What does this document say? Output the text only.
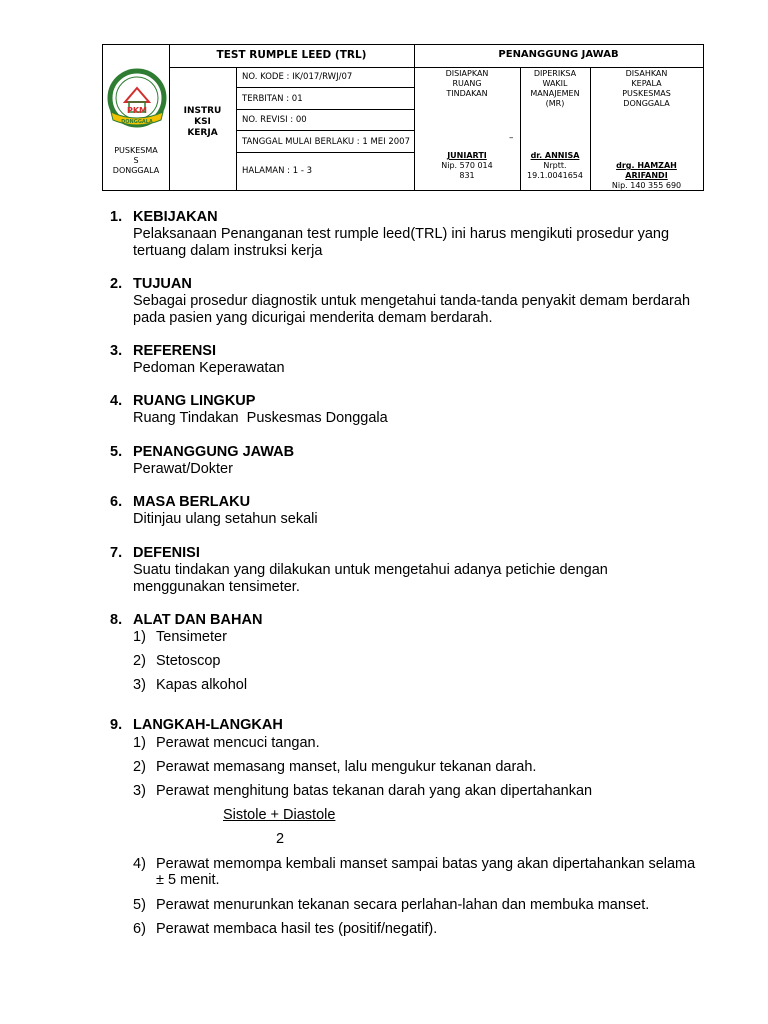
PKM
DONGGALA
PUSKESMA
S
DONGGALA
TEST RUMPLE LEED (TRL)	PENANGGUNG JAWAB
INSTRU
KSI
KERJA
NO. KODE : IK/017/RWJ/07
TERBITAN : 01
NO. REVISI : 00
TANGGAL MULAI BERLAKU : 1 MEI 2007
HALAMAN : 1 - 3
DISIAPKAN
RUANG
TINDAKAN
JUNIARTI
Nip. 570 014
831
DIPERIKSA
WAKIL
MANAJEMEN (MR)
–
dr. ANNISA
Nrptt.
19.1.0041654
DISAHKAN
KEPALA
PUSKESMAS
DONGGALA
drg. HAMZAH
ARIFANDI
Nip. 140 355 690
1. KEBIJAKAN
Pelaksanaan Penanganan test rumple leed(TRL) ini harus mengikuti prosedur yang tertuang dalam instruksi kerja
2. TUJUAN
Sebagai prosedur diagnostik untuk mengetahui tanda-tanda penyakit demam berdarah pada pasien yang dicurigai menderita demam berdarah.
3. REFERENSI
Pedoman Keperawatan
4. RUANG LINGKUP
Ruang Tindakan  Puskesmas Donggala
5. PENANGGUNG JAWAB
Perawat/Dokter
6. MASA BERLAKU
Ditinjau ulang setahun sekali
7. DEFENISI
Suatu tindakan yang dilakukan untuk mengetahui adanya petichie dengan menggunakan tensimeter.
8. ALAT DAN BAHAN
1) Tensimeter
2) Stetoscop
3) Kapas alkohol
9. LANGKAH-LANGKAH
1) Perawat mencuci tangan.
2) Perawat memasang manset, lalu mengukur tekanan darah.
3) Perawat menghitung batas tekanan darah yang akan dipertahankan
Sistole + Diastole
2
4) Perawat memompa kembali manset sampai batas yang akan dipertahankan selama ± 5 menit.
5) Perawat menurunkan tekanan secara perlahan-lahan dan membuka manset.
6) Perawat membaca hasil tes (positif/negatif).
